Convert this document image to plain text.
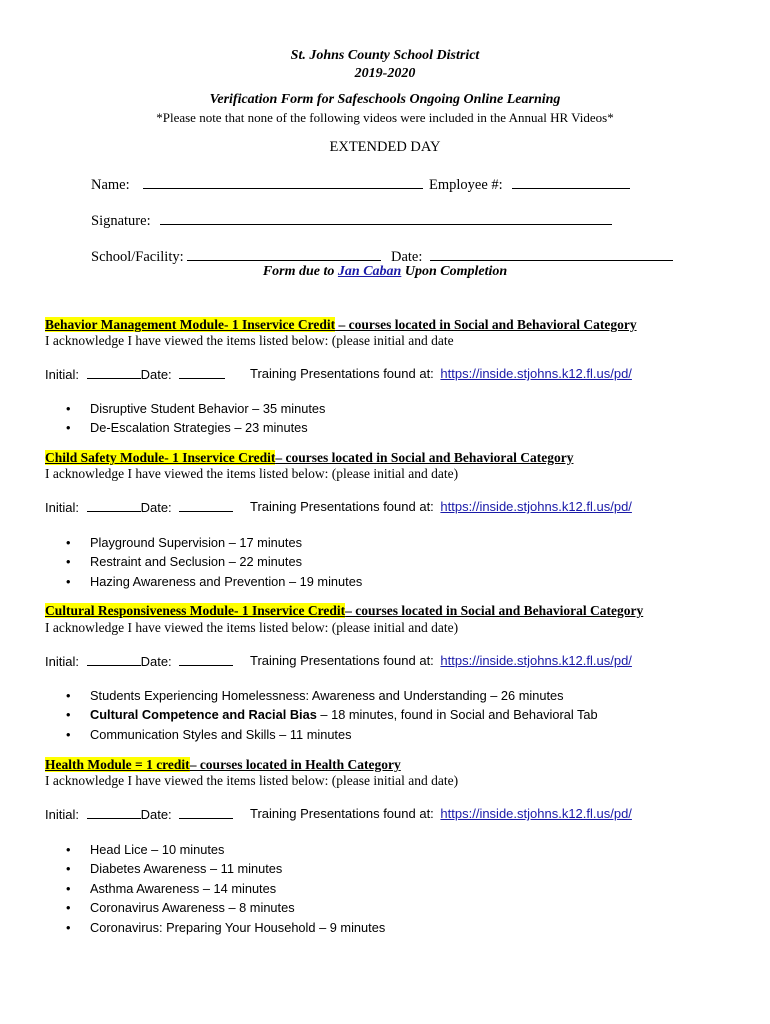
St. Johns County School District
2019-2020
Verification Form for Safeschools Ongoing Online Learning
*Please note that none of the following videos were included in the Annual HR Videos*
EXTENDED DAY
Name:	Employee #:
Signature:
School/Facility:	Date:
Form due to Jan Caban Upon Completion
Behavior Management Module- 1 Inservice Credit – courses located in Social and Behavioral Category
I acknowledge I have viewed the items listed below: (please initial and date
Initial:	Date:	Training Presentations found at: https://inside.stjohns.k12.fl.us/pd/
• Disruptive Student Behavior – 35 minutes
• De-Escalation Strategies – 23 minutes
Child Safety Module- 1 Inservice Credit– courses located in Social and Behavioral Category
I acknowledge I have viewed the items listed below: (please initial and date)
Initial:	Date:	Training Presentations found at: https://inside.stjohns.k12.fl.us/pd/
• Playground Supervision – 17 minutes
• Restraint and Seclusion – 22 minutes
• Hazing Awareness and Prevention – 19 minutes
Cultural Responsiveness Module- 1 Inservice Credit– courses located in Social and Behavioral Category
I acknowledge I have viewed the items listed below: (please initial and date)
Initial:	Date:	Training Presentations found at: https://inside.stjohns.k12.fl.us/pd/
• Students Experiencing Homelessness: Awareness and Understanding – 26 minutes
• Cultural Competence and Racial Bias – 18 minutes, found in Social and Behavioral Tab
• Communication Styles and Skills – 11 minutes
Health Module = 1 credit– courses located in Health Category
I acknowledge I have viewed the items listed below: (please initial and date)
Initial:	Date:	Training Presentations found at: https://inside.stjohns.k12.fl.us/pd/
• Head Lice – 10 minutes
• Diabetes Awareness – 11 minutes
• Asthma Awareness – 14 minutes
• Coronavirus Awareness – 8 minutes
• Coronavirus: Preparing Your Household – 9 minutes
